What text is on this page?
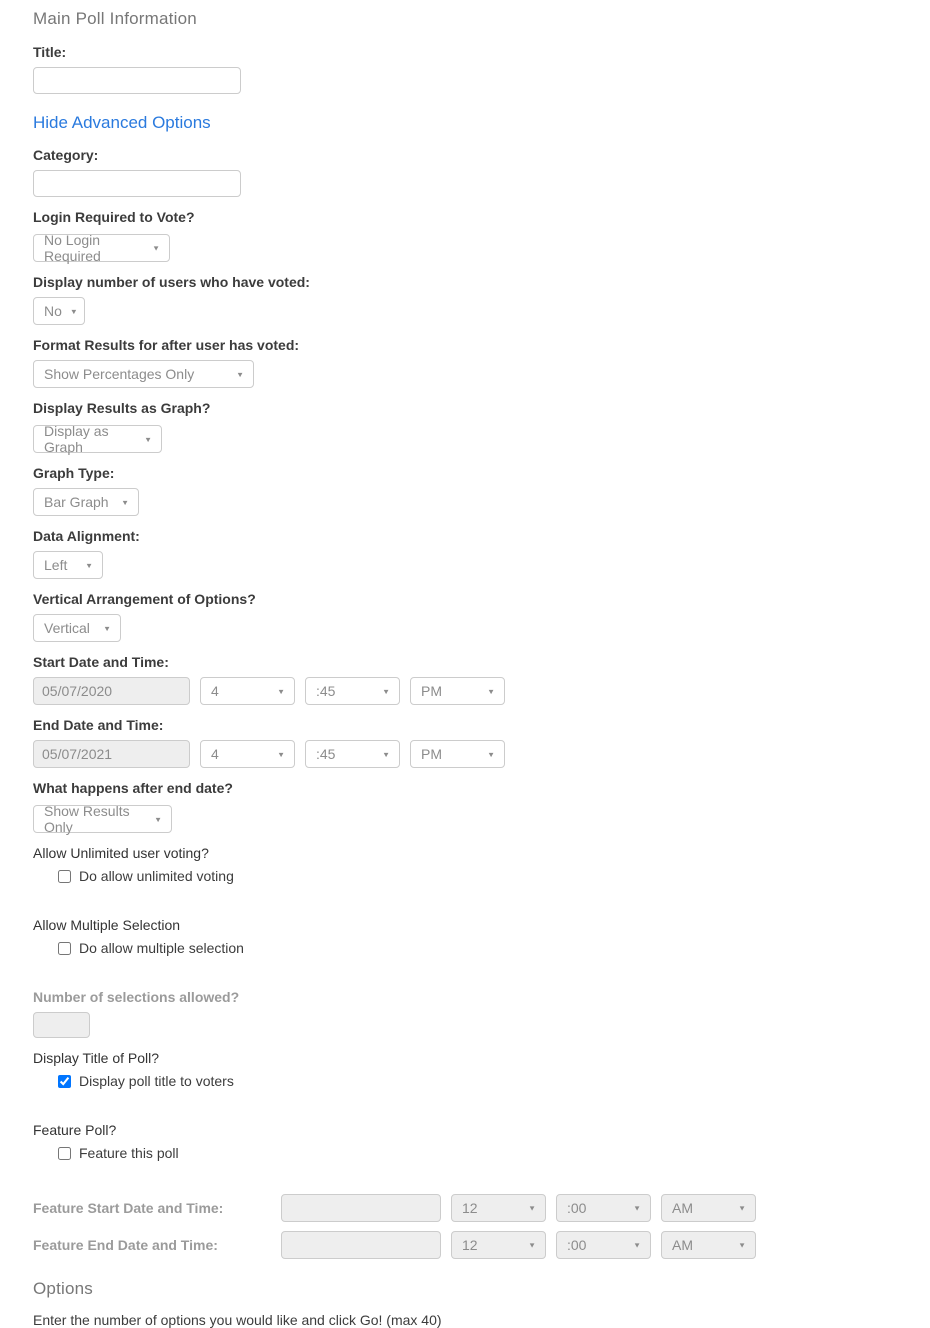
Main Poll Information
Title:
Hide Advanced Options
Category:
Login Required to Vote?
No Login Required	▼
Display number of users who have voted:
No ▼
Format Results for after user has voted:
Show Percentages Only	▼
Display Results as Graph?
Display as Graph	▼
Graph Type:
Bar Graph ▼
Data Alignment:
Left ▼
Vertical Arrangement of Options?
Vertical ▼
Start Date and Time:
05/07/2020
4	▼ :45	▼ PM	▼
End Date and Time:
05/07/2021
4	▼ :45	▼ PM	▼
What happens after end date?
Show Results Only	▼
Allow Unlimited user voting?
Do allow unlimited voting
Allow Multiple Selection
Do allow multiple selection
Number of selections allowed?
Display Title of Poll?
Display poll title to voters
Feature Poll?
Feature this poll
Feature Start Date and Time:	12	▼ :00	▼ AM	▼
Feature End Date and Time:	12	▼ :00	▼ AM	▼
Options

Enter the number of options you would like and click Go! (max 40)
